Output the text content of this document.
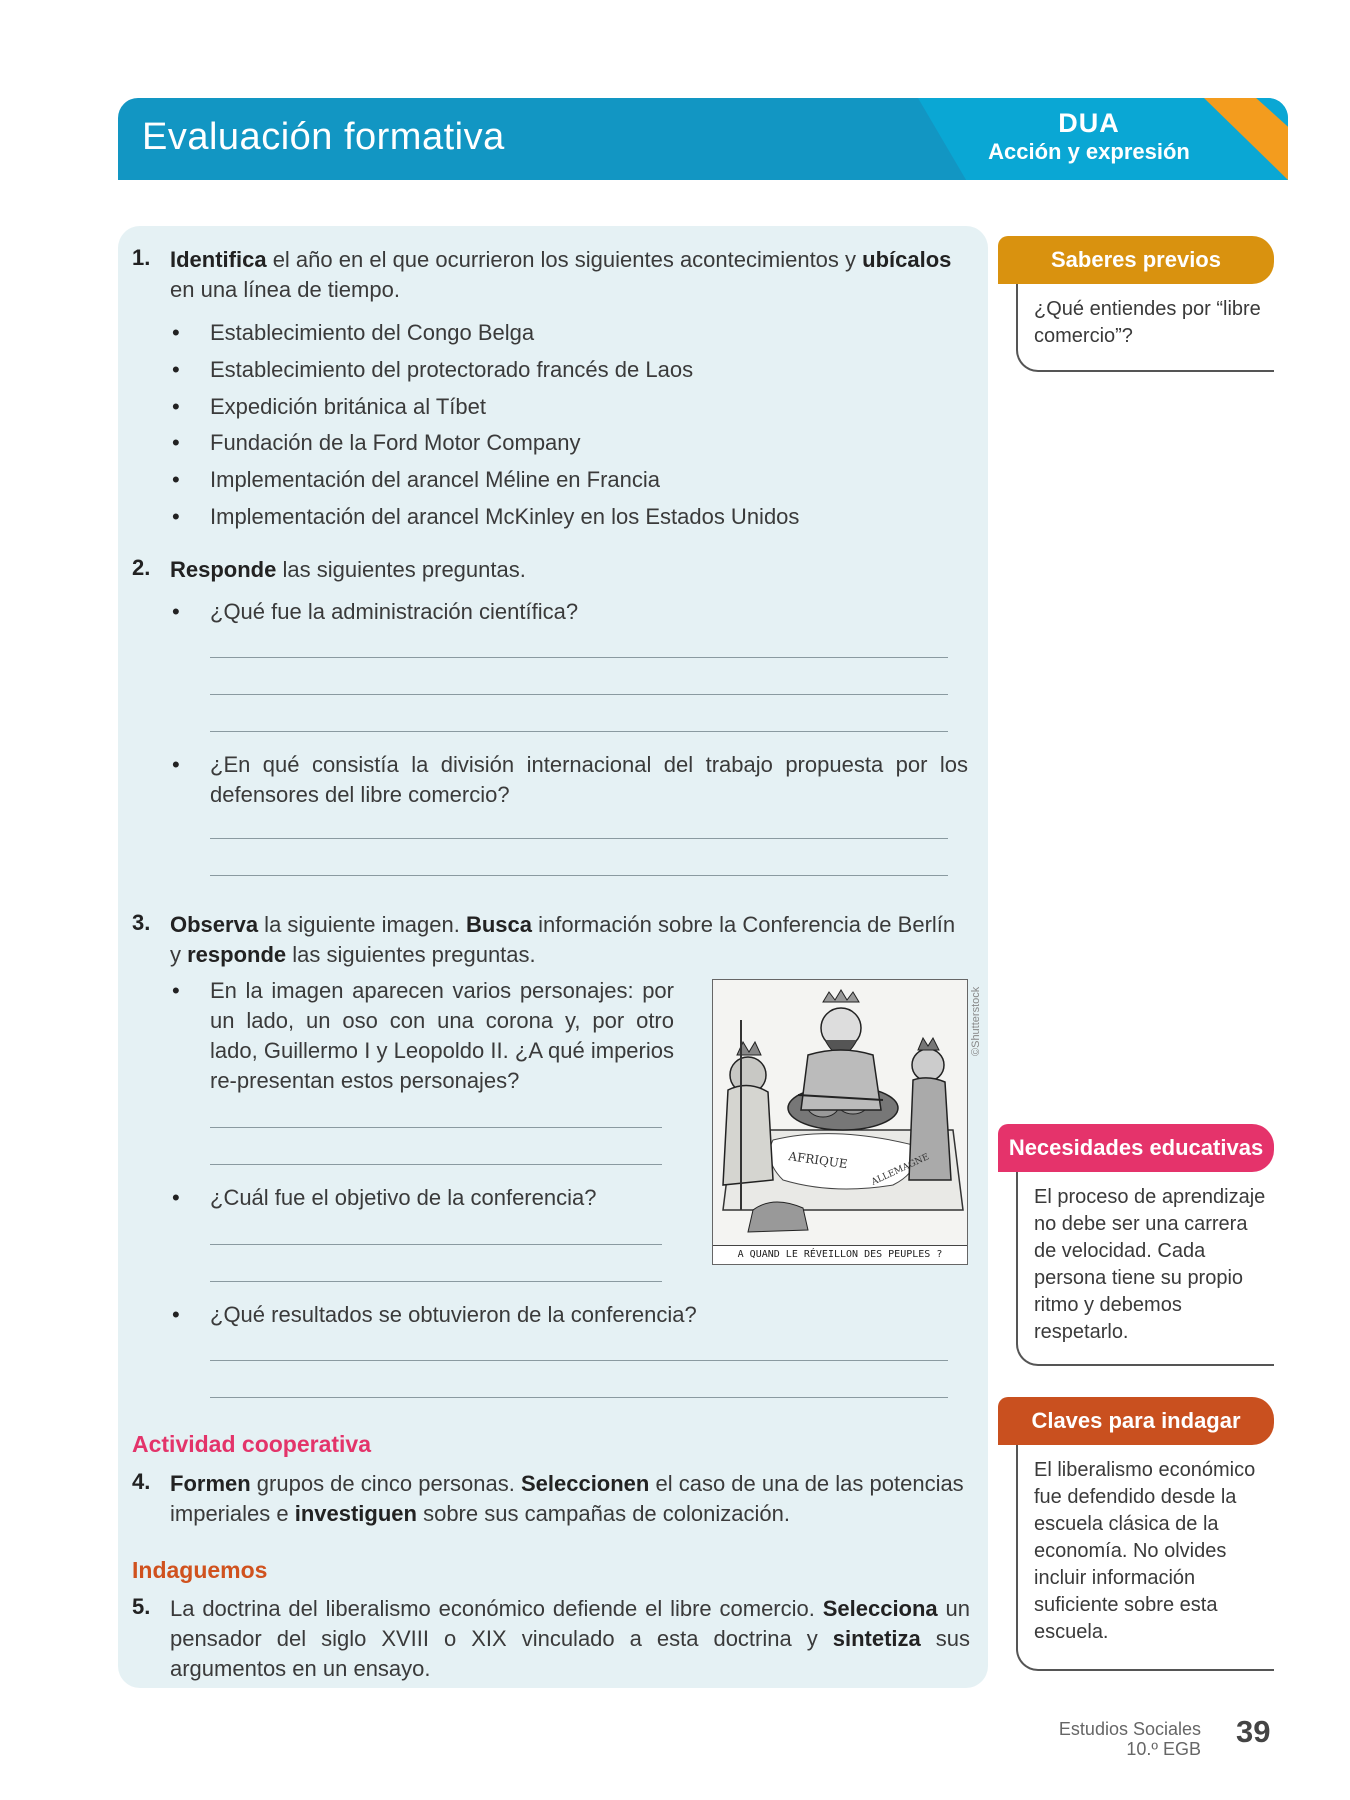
Evaluación formativa	DUA
Acción y expresión
1. Identifica el año en el que ocurrieron los siguientes acontecimientos y ubícalos en una línea de tiempo.
• Establecimiento del Congo Belga
• Establecimiento del protectorado francés de Laos
• Expedición británica al Tíbet
• Fundación de la Ford Motor Company
• Implementación del arancel Méline en Francia
• Implementación del arancel McKinley en los Estados Unidos
2. Responde las siguientes preguntas.
• ¿Qué fue la administración científica?
• ¿En qué consistía la división internacional del trabajo propuesta por los defensores del libre comercio?
3. Observa la siguiente imagen. Busca información sobre la Conferencia de Berlín y responde las siguientes preguntas.
• En la imagen aparecen varios personajes: por un lado, un oso con una corona y, por otro lado, Guillermo I y Leopoldo II. ¿A qué imperios re-presentan estos personajes?
• ¿Cuál fue el objetivo de la conferencia?
• ¿Qué resultados se obtuvieron de la conferencia?
AFRIQUE ALLEMAGNE
A QUAND LE RÉVEILLON DES PEUPLES ?
©Shutterstock
Actividad cooperativa
4. Formen grupos de cinco personas. Seleccionen el caso de una de las potencias imperiales e investiguen sobre sus campañas de colonización.
Indaguemos
5. La doctrina del liberalismo económico defiende el libre comercio. Selecciona un pensador del siglo XVIII o XIX vinculado a esta doctrina y sintetiza sus argumentos en un ensayo.
Saberes previos
¿Qué entiendes por “libre comercio”?
Necesidades educativas
El proceso de aprendizaje no debe ser una carrera de velocidad. Cada persona tiene su propio ritmo y debemos respetarlo.
Claves para indagar
El liberalismo económico fue defendido desde la escuela clásica de la economía. No olvides incluir información suficiente sobre esta escuela.
Estudios Sociales
10.º EGB 39
